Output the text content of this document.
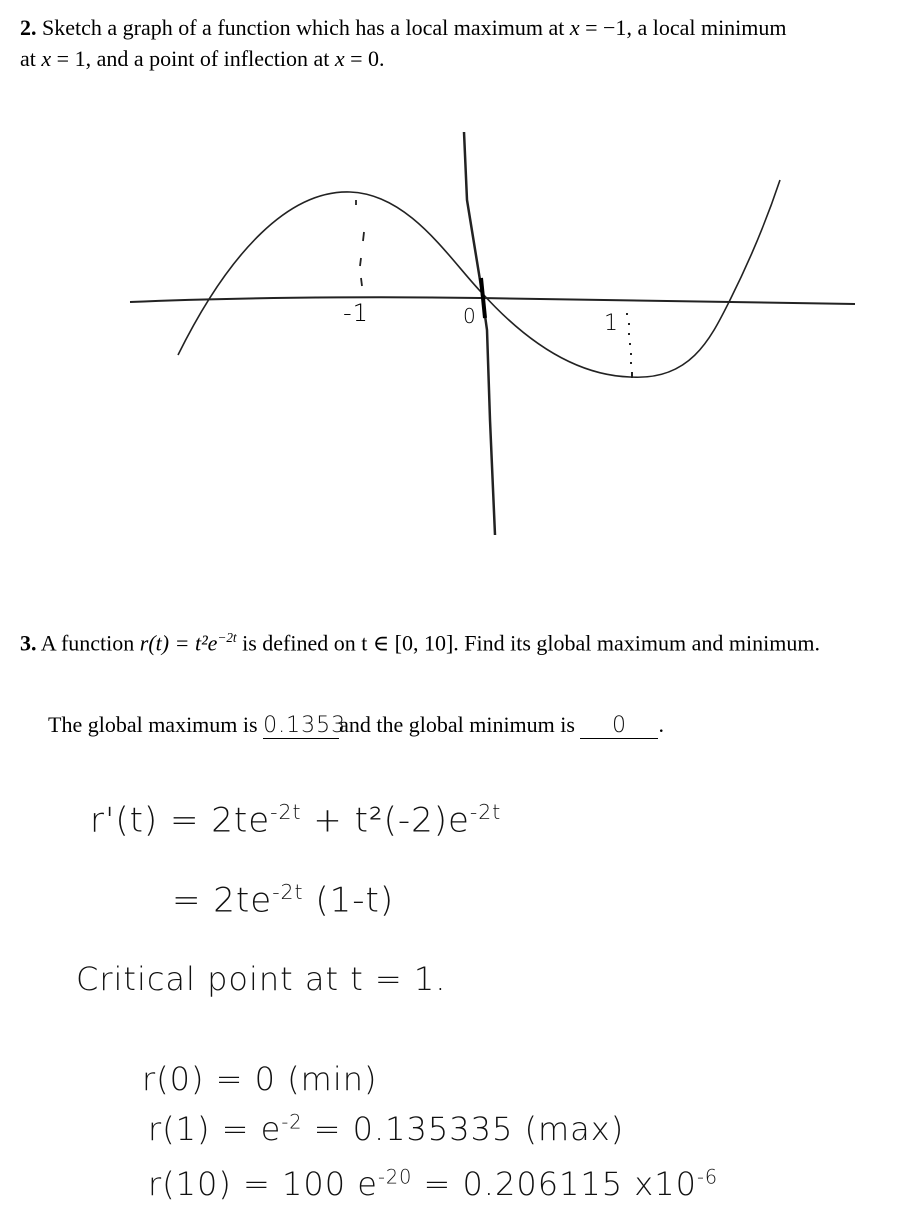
2. Sketch a graph of a function which has a local maximum at x = −1, a local minimum
at x = 1, and a point of inflection at x = 0.
-1	0	1
3. A function $r(t) = t^2e^{-2t}$ is defined on t ∈ [0, 10]. Find its global maximum and minimum.
The global maximum is 0.1353and the global minimum is 0 .
$r'(t) = 2te^{-2t} + t^2(-2)e^{-2t}$
= $2te^{-2t}$ (1-t)
Critical point at t = 1.
r(0) = 0 (min)
$r(1) = e^{-2} = 0.135335$ (max)
r(10) = 100 $e^{-20} = 0.206115$ $x10^{-6}$
